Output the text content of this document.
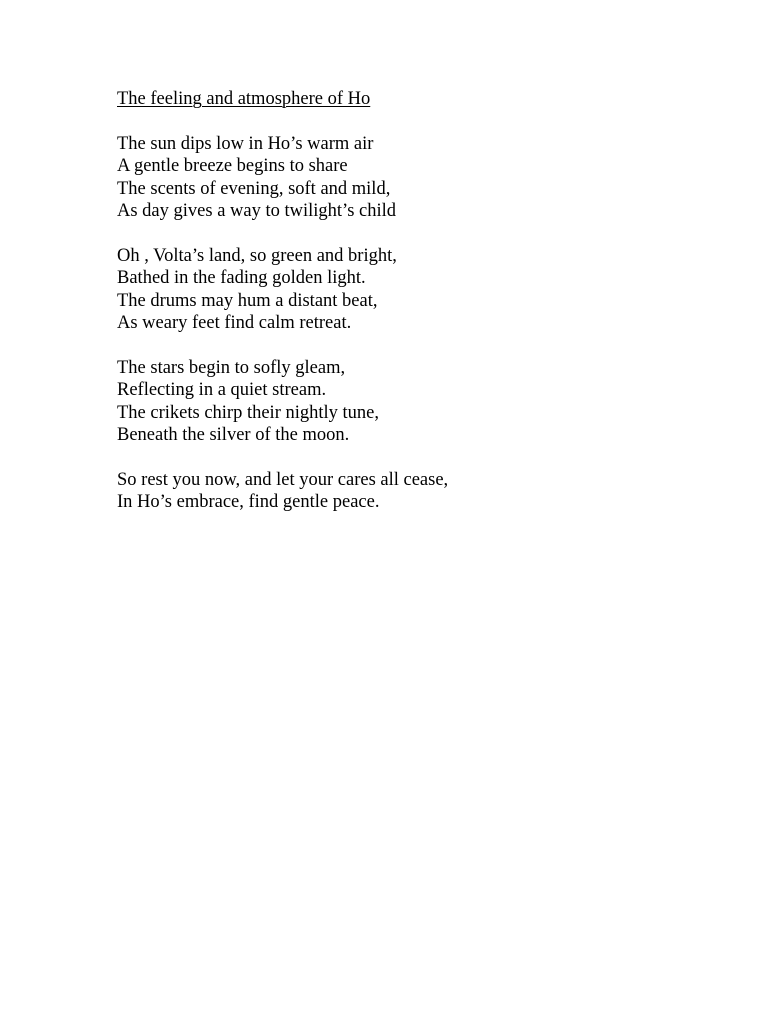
The feeling and atmosphere of Ho
The sun dips low in Ho’s warm air
A gentle breeze begins to share
The scents of evening, soft and mild,
As day gives a way to twilight’s child
Oh , Volta’s land, so green and bright,
Bathed in the fading golden light.
The drums may hum a distant beat,
As weary feet find calm retreat.
The stars begin to sofly gleam,
Reflecting in a quiet stream.
The crikets chirp their nightly tune,
Beneath the silver of the moon.
So rest you now, and let your cares all cease,
In Ho’s embrace, find gentle peace.
